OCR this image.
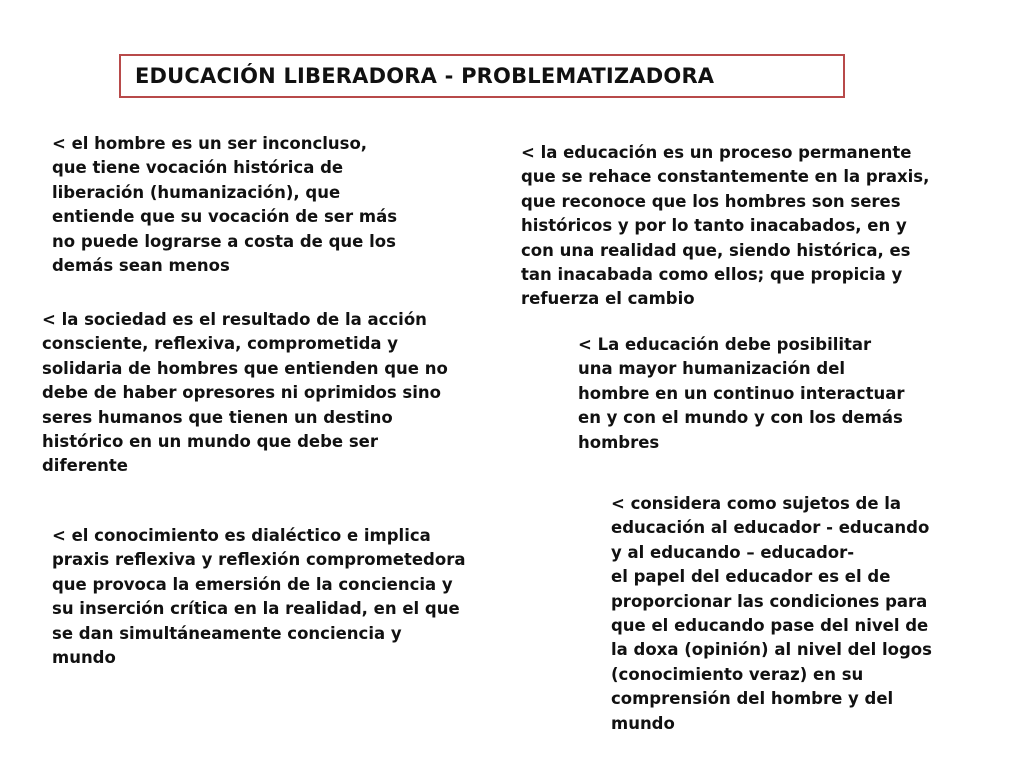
EDUCACIÓN LIBERADORA - PROBLEMATIZADORA
< el hombre es un ser inconcluso,
que tiene vocación histórica de
liberación (humanización), que
entiende que su vocación de ser más
no puede lograrse a costa de que los
demás sean menos
< la educación es un proceso permanente
que se rehace constantemente en la praxis,
que reconoce que los hombres son seres
históricos y por lo tanto inacabados, en y
con una realidad que, siendo histórica, es
tan inacabada como ellos; que propicia y
refuerza el cambio
< la sociedad es el resultado de la acción
consciente, reflexiva, comprometida y
solidaria de hombres que entienden que no
debe de haber opresores ni oprimidos sino
seres humanos que tienen un destino
histórico en un mundo que debe ser
diferente
< La educación debe posibilitar
una mayor humanización del
hombre en un continuo interactuar
en y con el mundo y con los demás
hombres
< el conocimiento es dialéctico e implica
praxis reflexiva y reflexión comprometedora
que provoca la emersión de la conciencia y
su inserción crítica en la realidad, en el que
se dan simultáneamente conciencia y
mundo
< considera como sujetos de la
educación al educador - educando
y al educando – educador-
el papel del educador es el de
proporcionar las condiciones para
que el educando pase del nivel de
la doxa (opinión) al nivel del logos
(conocimiento veraz) en su
comprensión del hombre y del
mundo
